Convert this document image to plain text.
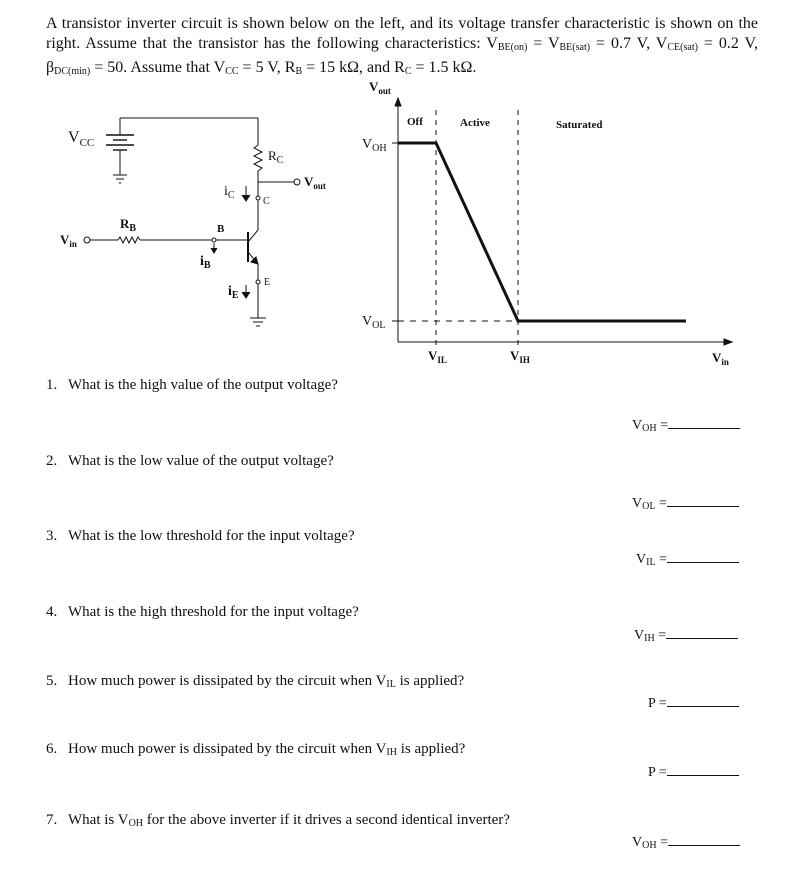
A transistor inverter circuit is shown below on the left, and its voltage transfer characteristic is shown on the right. Assume that the transistor has the following characteristics: $V_{BE(on)} = V_{BE(sat)} = 0.7$ V, $V_{CE(sat)} = 0.2$ V, $\beta_{DC(min)} = 50$. Assume that $V_{CC} = 5$ V, $R_B = 15$ kΩ, and $R_C = 1.5$ kΩ.
$V_{CC}$
$R_C$
$V_{out}$
$i_C$
C
$R_B$
$V_{in}$
B
$i_B$
$i_E$
E
$V_{out}$
$V_{in}$
$V_{OH}$
$V_{OL}$
$V_{IL}$	$V_{IH}$
Off	Active	Saturated
1. What is the high value of the output voltage?
$V_{OH}$ =
2. What is the low value of the output voltage?
$V_{OL}$ =
3. What is the low threshold for the input voltage?
$V_{IL}$ =
4. What is the high threshold for the input voltage?
$V_{IH}$ =
5. How much power is dissipated by the circuit when $V_{IL}$ is applied?
P =
6. How much power is dissipated by the circuit when $V_{IH}$ is applied?
P =
7. What is $V_{OH}$ for the above inverter if it drives a second identical inverter?
$V_{OH}$ =
